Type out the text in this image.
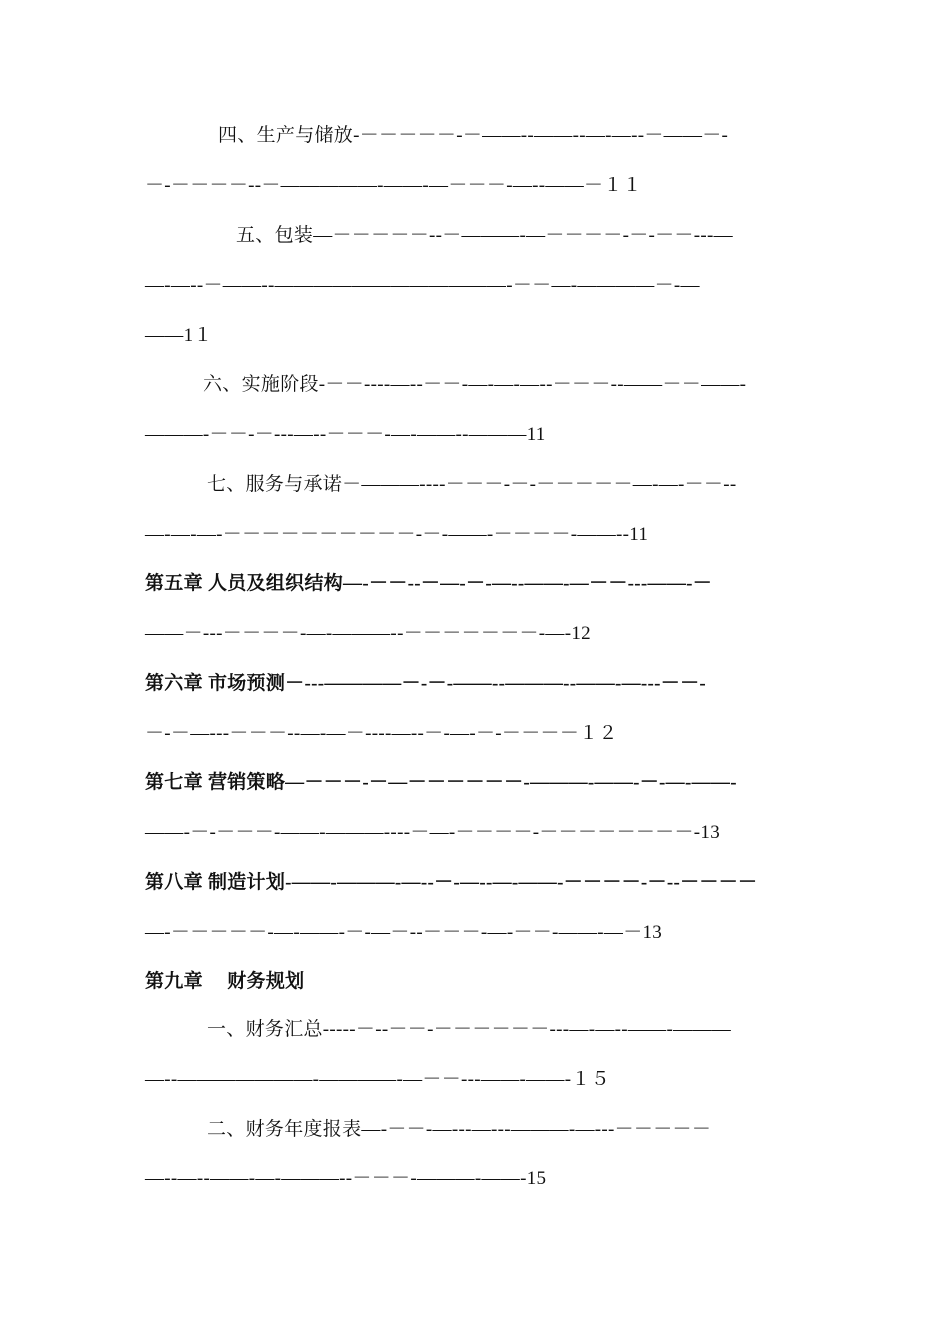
四、生产与储放-－－－－－-－——--——--—-—--－——－-
－-－－－－--－—————-——-—－－－-—--——－１１
五、包装—－－－－－--－———-—－－－－-－-－－---—
—-—--－——--————————————-－－—-————－-—
——1１
六、实施阶段-－－----—--－－-—-—-—--－－－--——－－——-
———-－－-－---—--－－－-—-——--———11
七、服务与承诺－———----－－－-－-－－－－－—-—-－－--
—-—-—-－－－－－－－－－－-－-——-－－－－-——--11
第五章 人员及组织结构—-－－--－—-－-—--——-—－－---——-－
——－---－－－－-—-———--－－－－－－－-—-12
第六章 市场预测－---————－-－-——--———--——-—---－－-
－-－—---－－－--—-—－----—--－-—-－-－－－－１２
第七章 营销策略—－－－-－—－－－－－－-———-——-－-—-——-
——-－-－－－-——-———----－—-－－－－-－－－－－－－－-13
第八章 制造计划-——-———-—--－-—--—-——-－－－－-－--－－－－
—-－－－－－-—-——-－-—－--－－－-—-－－-——-—－13
第九章　 财务规划
一、财务汇总-----－--－－-－－－－－－---—-—--——-———
—--———————-————-—－－---——-——-１５
二、财务年度报表—-－－-—---—---———-—---－－－－－
—--—--——-—-———--－－－-———-——-15
